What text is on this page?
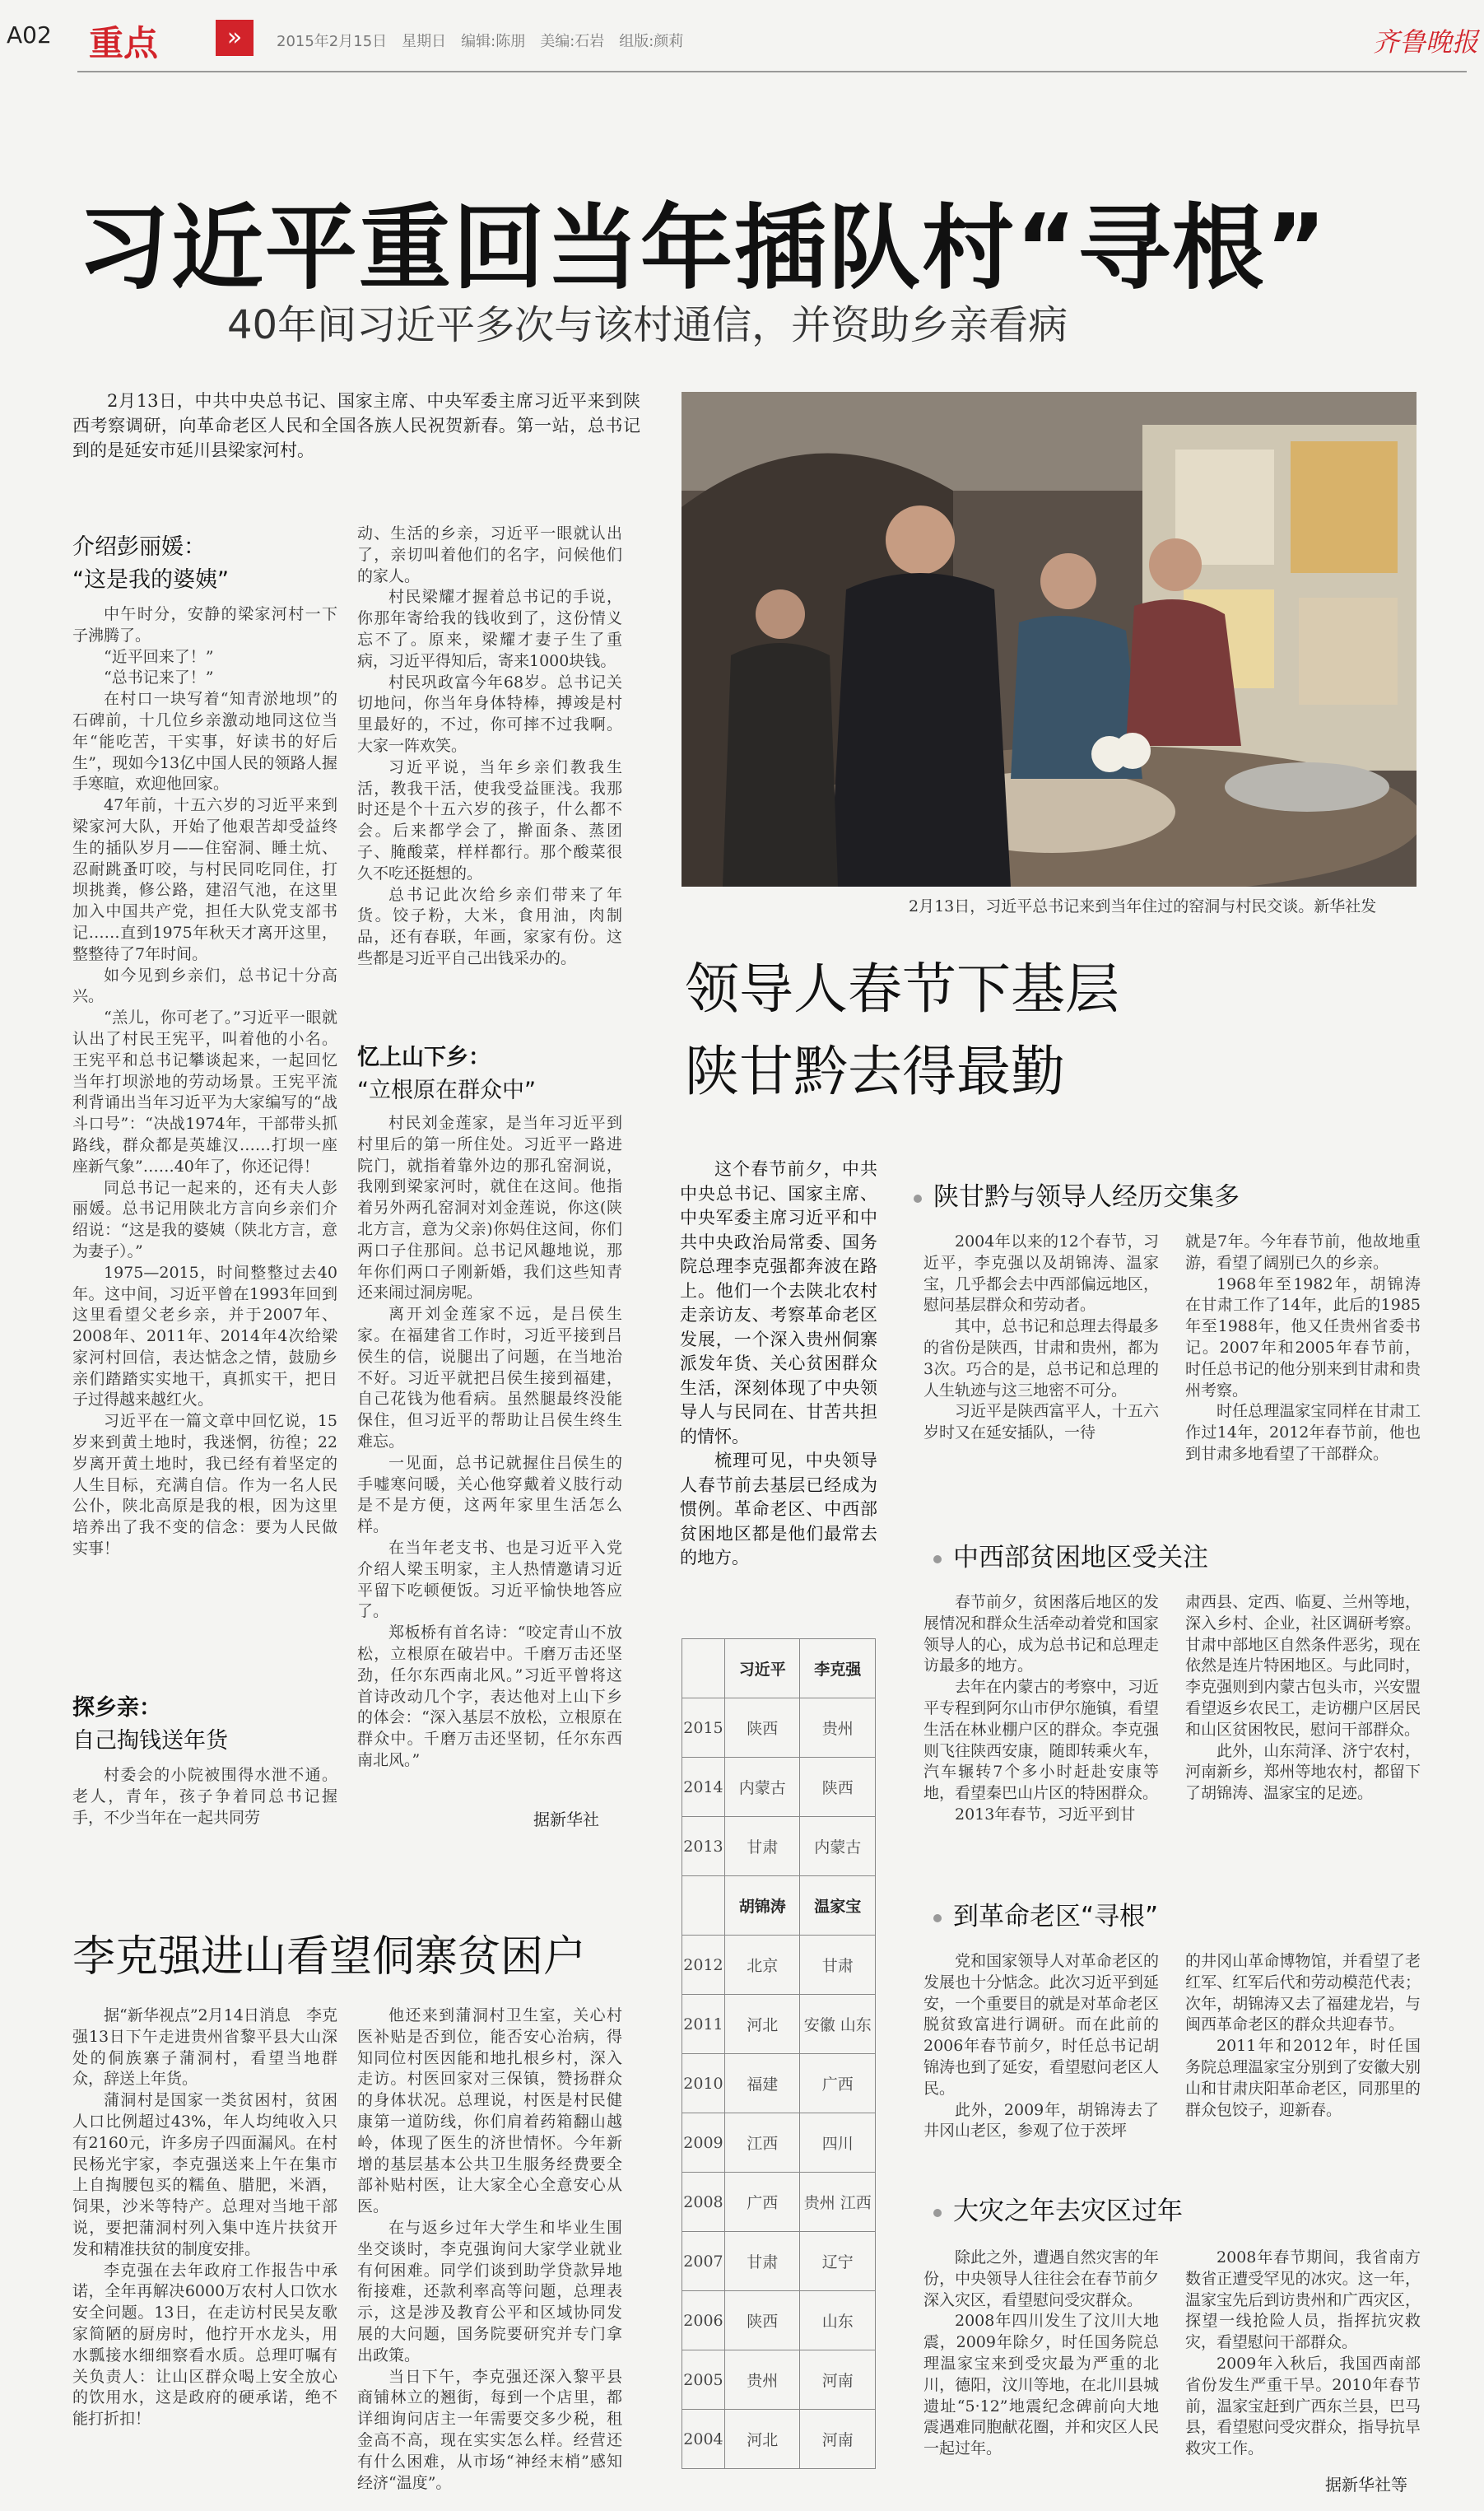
A02 重点	»	2015年2月15日　星期日　编辑:陈朋　美编:石岩　组版:颜莉	齐鲁晚报
习近平重回当年插队村“寻根”
40年间习近平多次与该村通信，并资助乡亲看病

2月13日，中共中央总书记、国家主席、中央军委主席习近平来到陕西考察调研，向革命老区人民和全国各族人民祝贺新春。第一站，总书记到的是延安市延川县梁家河村。

2月13日，习近平总书记来到当年住过的窑洞与村民交谈。新华社发
介绍彭丽媛：
“这是我的婆姨”

中午时分，安静的梁家河村一下子沸腾了。

“近平回来了！”

“总书记来了！”

在村口一块写着“知青淤地坝”的石碑前，十几位乡亲激动地同这位当年“能吃苦，干实事，好读书的好后生”，现如今13亿中国人民的领路人握手寒暄，欢迎他回家。

47年前，十五六岁的习近平来到梁家河大队，开始了他艰苦却受益终生的插队岁月——住窑洞、睡土炕、忍耐跳蚤叮咬，与村民同吃同住，打坝挑粪，修公路，建沼气池，在这里加入中国共产党，担任大队党支部书记……直到1975年秋天才离开这里，整整待了7年时间。

如今见到乡亲们，总书记十分高兴。

“羔儿，你可老了。”习近平一眼就认出了村民王宪平，叫着他的小名。王宪平和总书记攀谈起来，一起回忆当年打坝淤地的劳动场景。王宪平流利背诵出当年习近平为大家编写的“战斗口号”：“决战1974年，干部带头抓路线，群众都是英雄汉……打坝一座座新气象”……40年了，你还记得！

同总书记一起来的，还有夫人彭丽媛。总书记用陕北方言向乡亲们介绍说：“这是我的婆姨（陕北方言，意为妻子）。”

1975—2015，时间整整过去40年。这中间，习近平曾在1993年回到这里看望父老乡亲，并于2007年、2008年、2011年、2014年4次给梁家河村回信，表达惦念之情，鼓励乡亲们踏踏实实地干，真抓实干，把日子过得越来越红火。

习近平在一篇文章中回忆说，15岁来到黄土地时，我迷惘，彷徨；22岁离开黄土地时，我已经有着坚定的人生目标，充满自信。作为一名人民公仆，陕北高原是我的根，因为这里培养出了我不变的信念：要为人民做实事！

探乡亲：
自己掏钱送年货

村委会的小院被围得水泄不通。老人，青年，孩子争着同总书记握手，不少当年在一起共同劳

动、生活的乡亲，习近平一眼就认出了，亲切叫着他们的名字，问候他们的家人。

村民梁耀才握着总书记的手说，你那年寄给我的钱收到了，这份情义忘不了。原来，梁耀才妻子生了重病，习近平得知后，寄来1000块钱。

村民巩政富今年68岁。总书记关切地问，你当年身体特棒，搏竣是村里最好的，不过，你可摔不过我啊。大家一阵欢笑。

习近平说，当年乡亲们教我生活，教我干活，使我受益匪浅。我那时还是个十五六岁的孩子，什么都不会。后来都学会了，擀面条、蒸团子、腌酸菜，样样都行。那个酸菜很久不吃还挺想的。

总书记此次给乡亲们带来了年货。饺子粉，大米，食用油，肉制品，还有春联，年画，家家有份。这些都是习近平自己出钱采办的。

忆上山下乡：
“立根原在群众中”

村民刘金莲家，是当年习近平到村里后的第一所住处。习近平一路进院门，就指着靠外边的那孔窑洞说，我刚到梁家河时，就住在这间。他指着另外两孔窑洞对刘金莲说，你这(陕北方言，意为父亲)你妈住这间，你们两口子住那间。总书记风趣地说，那年你们两口子刚新婚，我们这些知青还来闹过洞房呢。

离开刘金莲家不远，是吕侯生家。在福建省工作时，习近平接到吕侯生的信，说腿出了问题，在当地治不好。习近平就把吕侯生接到福建，自己花钱为他看病。虽然腿最终没能保住，但习近平的帮助让吕侯生终生难忘。

一见面，总书记就握住吕侯生的手嘘寒问暖，关心他穿戴着义肢行动是不是方便，这两年家里生活怎么样。

在当年老支书、也是习近平入党介绍人梁玉明家，主人热情邀请习近平留下吃顿便饭。习近平愉快地答应了。

郑板桥有首名诗：“咬定青山不放松，立根原在破岩中。千磨万击还坚劲，任尔东西南北风。”习近平曾将这首诗改动几个字，表达他对上山下乡的体会：“深入基层不放松，立根原在群众中。千磨万击还坚韧，任尔东西南北风。”

据新华社
领导人春节下基层
陕甘黔去得最勤

这个春节前夕，中共中央总书记、国家主席、中央军委主席习近平和中共中央政治局常委、国务院总理李克强都奔波在路上。他们一个去陕北农村走亲访友、考察革命老区发展，一个深入贵州侗寨派发年货、关心贫困群众生活，深刻体现了中央领导人与民同在、甘苦共担的情怀。

梳理可见，中央领导人春节前去基层已经成为惯例。革命老区、中西部贫困地区都是他们最常去的地方。

	习近平	李克强
2015	陕西	贵州
2014	内蒙古	陕西
2013	甘肃	内蒙古
	胡锦涛	温家宝
2012	北京	甘肃
2011	河北	安徽 山东
2010	福建	广西
2009	江西	四川
2008	广西	贵州 江西
2007	甘肃	辽宁
2006	陕西	山东
2005	贵州	河南
2004	河北	河南
陕甘黔与领导人经历交集多

2004年以来的12个春节，习近平，李克强以及胡锦涛、温家宝，几乎都会去中西部偏远地区，慰问基层群众和劳动者。

其中，总书记和总理去得最多的省份是陕西，甘肃和贵州，都为3次。巧合的是，总书记和总理的人生轨迹与这三地密不可分。

习近平是陕西富平人，十五六岁时又在延安插队，一待

就是7年。今年春节前，他故地重游，看望了阔别已久的乡亲。

1968年至1982年，胡锦涛在甘肃工作了14年，此后的1985年至1988年，他又任贵州省委书记。2007年和2005年春节前，时任总书记的他分别来到甘肃和贵州考察。

时任总理温家宝同样在甘肃工作过14年，2012年春节前，他也到甘肃多地看望了干部群众。

中西部贫困地区受关注

春节前夕，贫困落后地区的发展情况和群众生活牵动着党和国家领导人的心，成为总书记和总理走访最多的地方。

去年在内蒙古的考察中，习近平专程到阿尔山市伊尔施镇，看望生活在林业棚户区的群众。李克强则飞往陕西安康，随即转乘火车，汽车辗转7个多小时赶赴安康等地，看望秦巴山片区的特困群众。

2013年春节，习近平到甘

肃西县、定西、临夏、兰州等地，深入乡村、企业，社区调研考察。甘肃中部地区自然条件恶劣，现在依然是连片特困地区。与此同时，李克强则到内蒙古包头市，兴安盟看望返乡农民工，走访棚户区居民和山区贫困牧民，慰问干部群众。

此外，山东菏泽、济宁农村，河南新乡，郑州等地农村，都留下了胡锦涛、温家宝的足迹。

到革命老区“寻根”

党和国家领导人对革命老区的发展也十分惦念。此次习近平到延安，一个重要目的就是对革命老区脱贫致富进行调研。而在此前的2006年春节前夕，时任总书记胡锦涛也到了延安，看望慰问老区人民。

此外，2009年，胡锦涛去了井冈山老区，参观了位于茨坪

的井冈山革命博物馆，并看望了老红军、红军后代和劳动模范代表；次年，胡锦涛又去了福建龙岩，与闽西革命老区的群众共迎春节。

2011年和2012年，时任国务院总理温家宝分别到了安徽大别山和甘肃庆阳革命老区，同那里的群众包饺子，迎新春。

大灾之年去灾区过年

除此之外，遭遇自然灾害的年份，中央领导人往往会在春节前夕深入灾区，看望慰问受灾群众。

2008年四川发生了汶川大地震，2009年除夕，时任国务院总理温家宝来到受灾最为严重的北川，德阳，汶川等地，在北川县城遗址“5·12”地震纪念碑前向大地震遇难同胞献花圈，并和灾区人民一起过年。

2008年春节期间，我省南方数省正遭受罕见的冰灾。这一年，温家宝先后到访贵州和广西灾区，探望一线抢险人员，指挥抗灾救灾，看望慰问干部群众。

2009年入秋后，我国西南部省份发生严重干旱。2010年春节前，温家宝赶到广西东兰县，巴马县，看望慰问受灾群众，指导抗旱救灾工作。

据新华社等
李克强进山看望侗寨贫困户

据“新华视点”2月14日消息　李克强13日下午走进贵州省黎平县大山深处的侗族寨子蒲洞村，看望当地群众，辞送上年货。

蒲洞村是国家一类贫困村，贫困人口比例超过43%，年人均纯收入只有2160元，许多房子四面漏风。在村民杨光宇家，李克强送来上午在集市上自掏腰包买的糯鱼、腊肥，米酒，饲果，沙米等特产。总理对当地干部说，要把蒲洞村列入集中连片扶贫开发和精准扶贫的制度安排。

李克强在去年政府工作报告中承诺，全年再解决6000万农村人口饮水安全问题。13日，在走访村民吴友歌家简陋的厨房时，他拧开水龙头，用水瓢接水细细察看水质。总理叮嘱有关负责人：让山区群众喝上安全放心的饮用水，这是政府的硬承诺，绝不能打折扣！

他还来到蒲洞村卫生室，关心村医补贴是否到位，能否安心治病，得知同位村医因能和地扎根乡村，深入走访。村医回家对三保镇，赞扬群众的身体状况。总理说，村医是村民健康第一道防线，你们肩着药箱翻山越岭，体现了医生的济世情怀。今年新增的基层基本公共卫生服务经费要全部补贴村医，让大家全心全意安心从医。

在与返乡过年大学生和毕业生围坐交谈时，李克强询问大家学业就业有何困难。同学们谈到助学贷款异地衔接难，还款利率高等问题，总理表示，这是涉及教育公平和区域协同发展的大问题，国务院要研究并专门拿出政策。

当日下午，李克强还深入黎平县商铺林立的翘街，每到一个店里，都详细询问店主一年需要交多少税，租金高不高，现在实实怎么样。经营还有什么困难，从市场“神经末梢”感知经济“温度”。
